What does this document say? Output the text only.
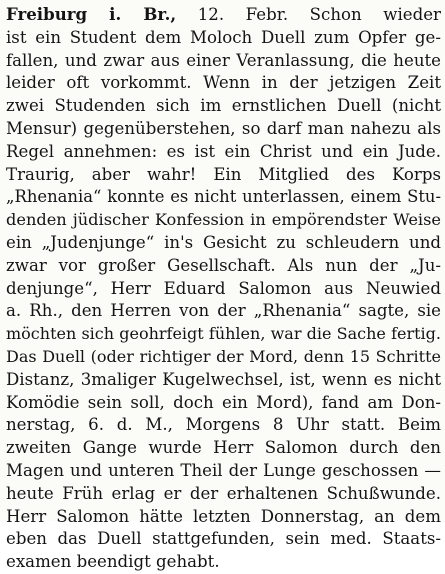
Freiburg i. Br., 12. Febr. Schon wieder
ist ein Student dem Moloch Duell zum Opfer ge-
fallen, und zwar aus einer Veranlassung, die heute
leider oft vorkommt. Wenn in der jetzigen Zeit
zwei Studenden sich im ernstlichen Duell (nicht
Mensur) gegenüberstehen, so darf man nahezu als
Regel annehmen: es ist ein Christ und ein Jude.
Traurig, aber wahr! Ein Mitglied des Korps
„Rhenania“ konnte es nicht unterlassen, einem Stu-
denden jüdischer Konfession in empörendster Weise
ein „Judenjunge“ in's Gesicht zu schleudern und
zwar vor großer Gesellschaft. Als nun der „Ju-
denjunge“, Herr Eduard Salomon aus Neuwied
a. Rh., den Herren von der „Rhenania“ sagte, sie
möchten sich geohrfeigt fühlen, war die Sache fertig.
Das Duell (oder richtiger der Mord, denn 15 Schritte
Distanz, 3maliger Kugelwechsel, ist, wenn es nicht
Komödie sein soll, doch ein Mord), fand am Don-
nerstag, 6. d. M., Morgens 8 Uhr statt. Beim
zweiten Gange wurde Herr Salomon durch den
Magen und unteren Theil der Lunge geschossen —
heute Früh erlag er der erhaltenen Schußwunde.
Herr Salomon hätte letzten Donnerstag, an dem
eben das Duell stattgefunden, sein med. Staats-
examen beendigt gehabt.
